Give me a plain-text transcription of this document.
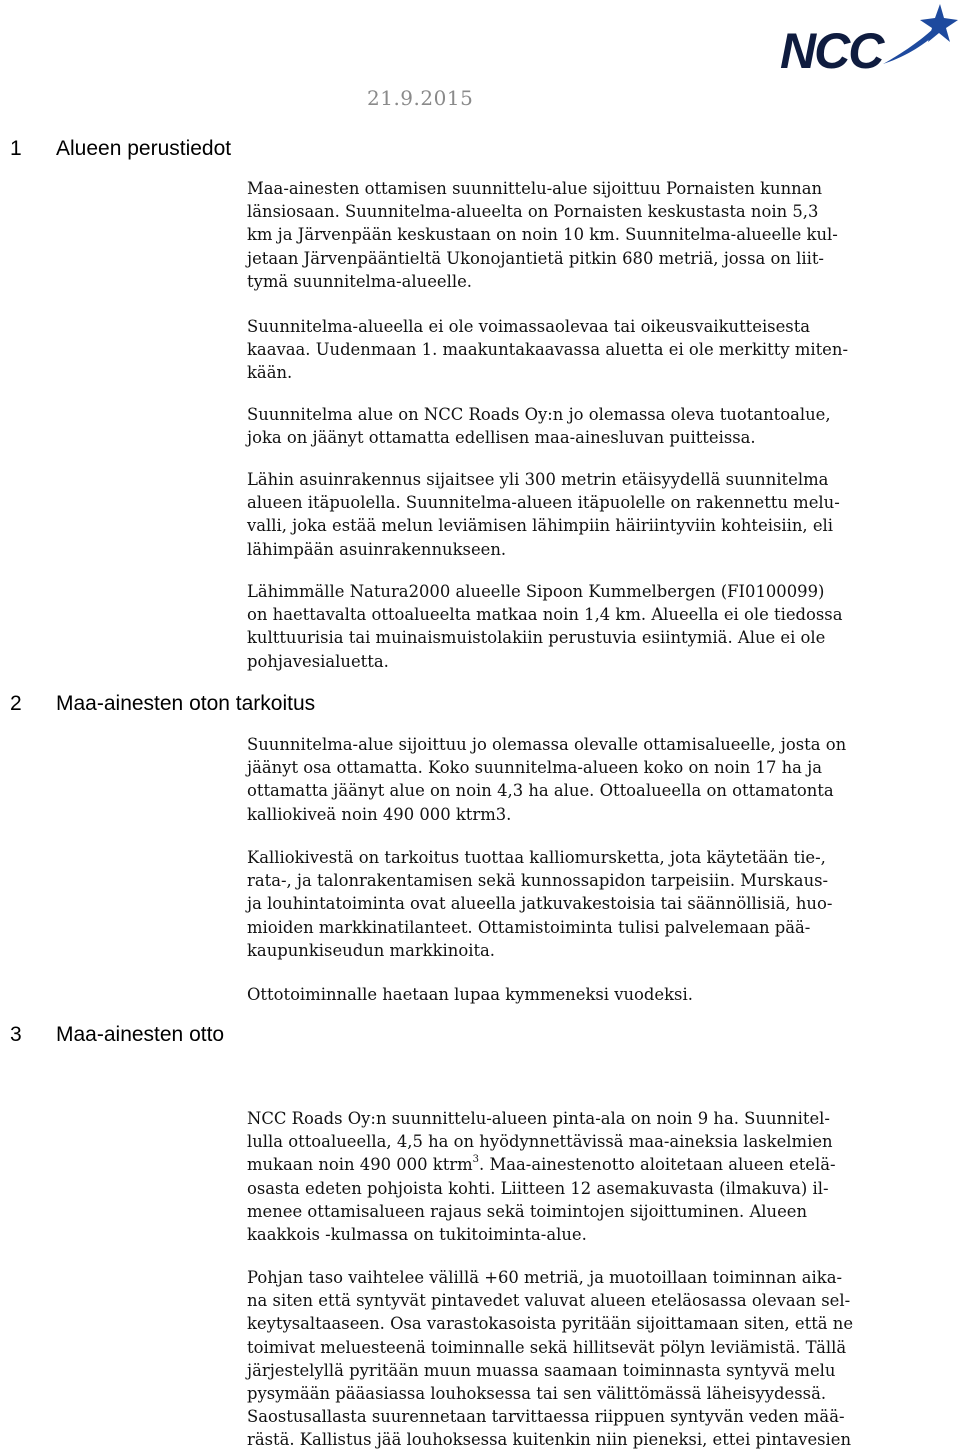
NCC
21.9.2015
1 Alueen perustiedot
2 Maa-ainesten oton tarkoitus
3 Maa-ainesten otto

Maa-ainesten ottamisen suunnittelu-alue sijoittuu Pornaisten kunnan
länsiosaan. Suunnitelma-alueelta on Pornaisten keskustasta noin 5,3
km ja Järvenpään keskustaan on noin 10 km. Suunnitelma-alueelle kul-
jetaan Järvenpääntieltä Ukonojantietä pitkin 680 metriä, jossa on liit-
tymä suunnitelma-alueelle.

Suunnitelma-alueella ei ole voimassaolevaa tai oikeusvaikutteisesta
kaavaa. Uudenmaan 1. maakuntakaavassa aluetta ei ole merkitty miten-
kään.

Suunnitelma alue on NCC Roads Oy:n jo olemassa oleva tuotantoalue,
joka on jäänyt ottamatta edellisen maa-ainesluvan puitteissa.

Lähin asuinrakennus sijaitsee yli 300 metrin etäisyydellä suunnitelma
alueen itäpuolella. Suunnitelma-alueen itäpuolelle on rakennettu melu-
valli, joka estää melun leviämisen lähimpiin häiriintyviin kohteisiin, eli
lähimpään asuinrakennukseen.

Lähimmälle Natura2000 alueelle Sipoon Kummelbergen (FI0100099)
on haettavalta ottoalueelta matkaa noin 1,4 km. Alueella ei ole tiedossa
kulttuurisia tai muinaismuistolakiin perustuvia esiintymiä. Alue ei ole
pohjavesialuetta.

Suunnitelma-alue sijoittuu jo olemassa olevalle ottamisalueelle, josta on
jäänyt osa ottamatta. Koko suunnitelma-alueen koko on noin 17 ha ja
ottamatta jäänyt alue on noin 4,3 ha alue. Ottoalueella on ottamatonta
kalliokiveä noin 490 000 ktrm3.

Kalliokivestä on tarkoitus tuottaa kalliomursketta, jota käytetään tie-,
rata-, ja talonrakentamisen sekä kunnossapidon tarpeisiin. Murskaus-
ja louhintatoiminta ovat alueella jatkuvakestoisia tai säännöllisiä, huo-
mioiden markkinatilanteet. Ottamistoiminta tulisi palvelemaan pää-
kaupunkiseudun markkinoita.

Ottotoiminnalle haetaan lupaa kymmeneksi vuodeksi.

NCC Roads Oy:n suunnittelu-alueen pinta-ala on noin 9 ha. Suunnitel-
lulla ottoalueella, 4,5 ha on hyödynnettävissä maa-aineksia laskelmien
mukaan noin 490 000 ktrm$^3$. Maa-ainestenotto aloitetaan alueen etelä-
osasta edeten pohjoista kohti. Liitteen 12 asemakuvasta (ilmakuva) il-
menee ottamisalueen rajaus sekä toimintojen sijoittuminen. Alueen
kaakkois -kulmassa on tukitoiminta-alue.

Pohjan taso vaihtelee välillä +60 metriä, ja muotoillaan toiminnan aika-
na siten että syntyvät pintavedet valuvat alueen eteläosassa olevaan sel-
keytysaltaaseen. Osa varastokasoista pyritään sijoittamaan siten, että ne
toimivat meluesteenä toiminnalle sekä hillitsevät pölyn leviämistä. Tällä
järjestelyllä pyritään muun muassa saamaan toiminnasta syntyvä melu
pysymään pääasiassa louhoksessa tai sen välittömässä läheisyydessä.
Saostusallasta suurennetaan tarvittaessa riippuen syntyvän veden mää-
rästä. Kallistus jää louhoksessa kuitenkin niin pieneksi, ettei pintavesien
